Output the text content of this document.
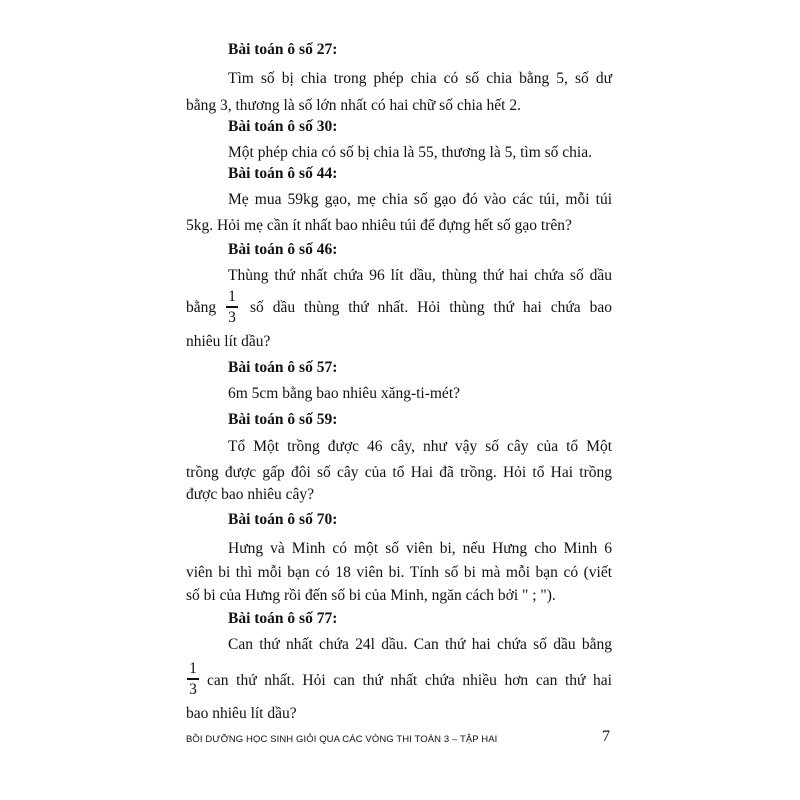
Bài toán ô số 27:
Tìm số bị chia trong phép chia có số chia bằng 5, số dư
bằng 3, thương là số lớn nhất có hai chữ số chia hết 2.
Bài toán ô số 30:
Một phép chia có số bị chia là 55, thương là 5, tìm số chia.
Bài toán ô số 44:
Mẹ mua 59kg gạo, mẹ chia số gạo đó vào các túi, mỗi túi
5kg. Hỏi mẹ cần ít nhất bao nhiêu túi để đựng hết số gạo trên?
Bài toán ô số 46:
Thùng thứ nhất chứa 96 lít dầu, thùng thứ hai chứa số dầu
bằng
1
3
số dầu thùng thứ nhất. Hỏi thùng thứ hai chứa bao
nhiêu lít dầu?
Bài toán ô số 57:
6m 5cm bằng bao nhiêu xăng-ti-mét?
Bài toán ô số 59:
Tổ Một trồng được 46 cây, như vậy số cây của tổ Một
trồng được gấp đôi số cây của tổ Hai đã trồng. Hỏi tổ Hai trồng
được bao nhiêu cây?
Bài toán ô số 70:
Hưng và Minh có một số viên bi, nếu Hưng cho Minh 6
viên bi thì mỗi bạn có 18 viên bi. Tính số bi mà mỗi bạn có (viết
số bi của Hưng rồi đến số bi của Minh, ngăn cách bởi " ; ").
Bài toán ô số 77:
Can thứ nhất chứa 24l dầu. Can thứ hai chứa số dầu bằng
1
3 can thứ nhất. Hỏi can thứ nhất chứa nhiều hơn can thứ hai
bao nhiêu lít dầu?
BỒI DƯỠNG HỌC SINH GIỎI QUA CÁC VÒNG THI TOÁN 3 – TẬP HAI	7
